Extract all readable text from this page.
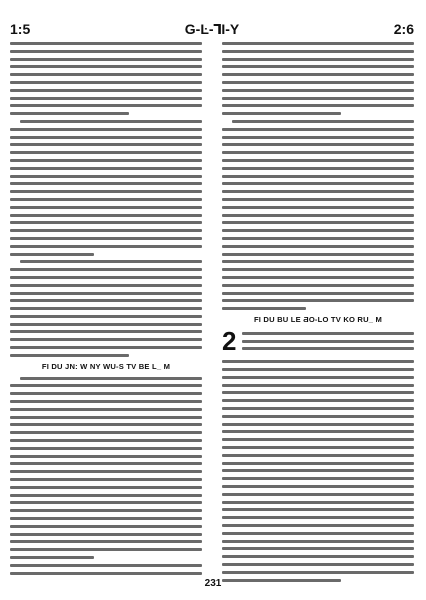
1:5	G-Ŀ-ꓶI-Y	2:6
FI DU JN: W NY WU-S TV BE L_ M
FI DU BU LE ƋO-LO TV KO RU_ M
2
231
